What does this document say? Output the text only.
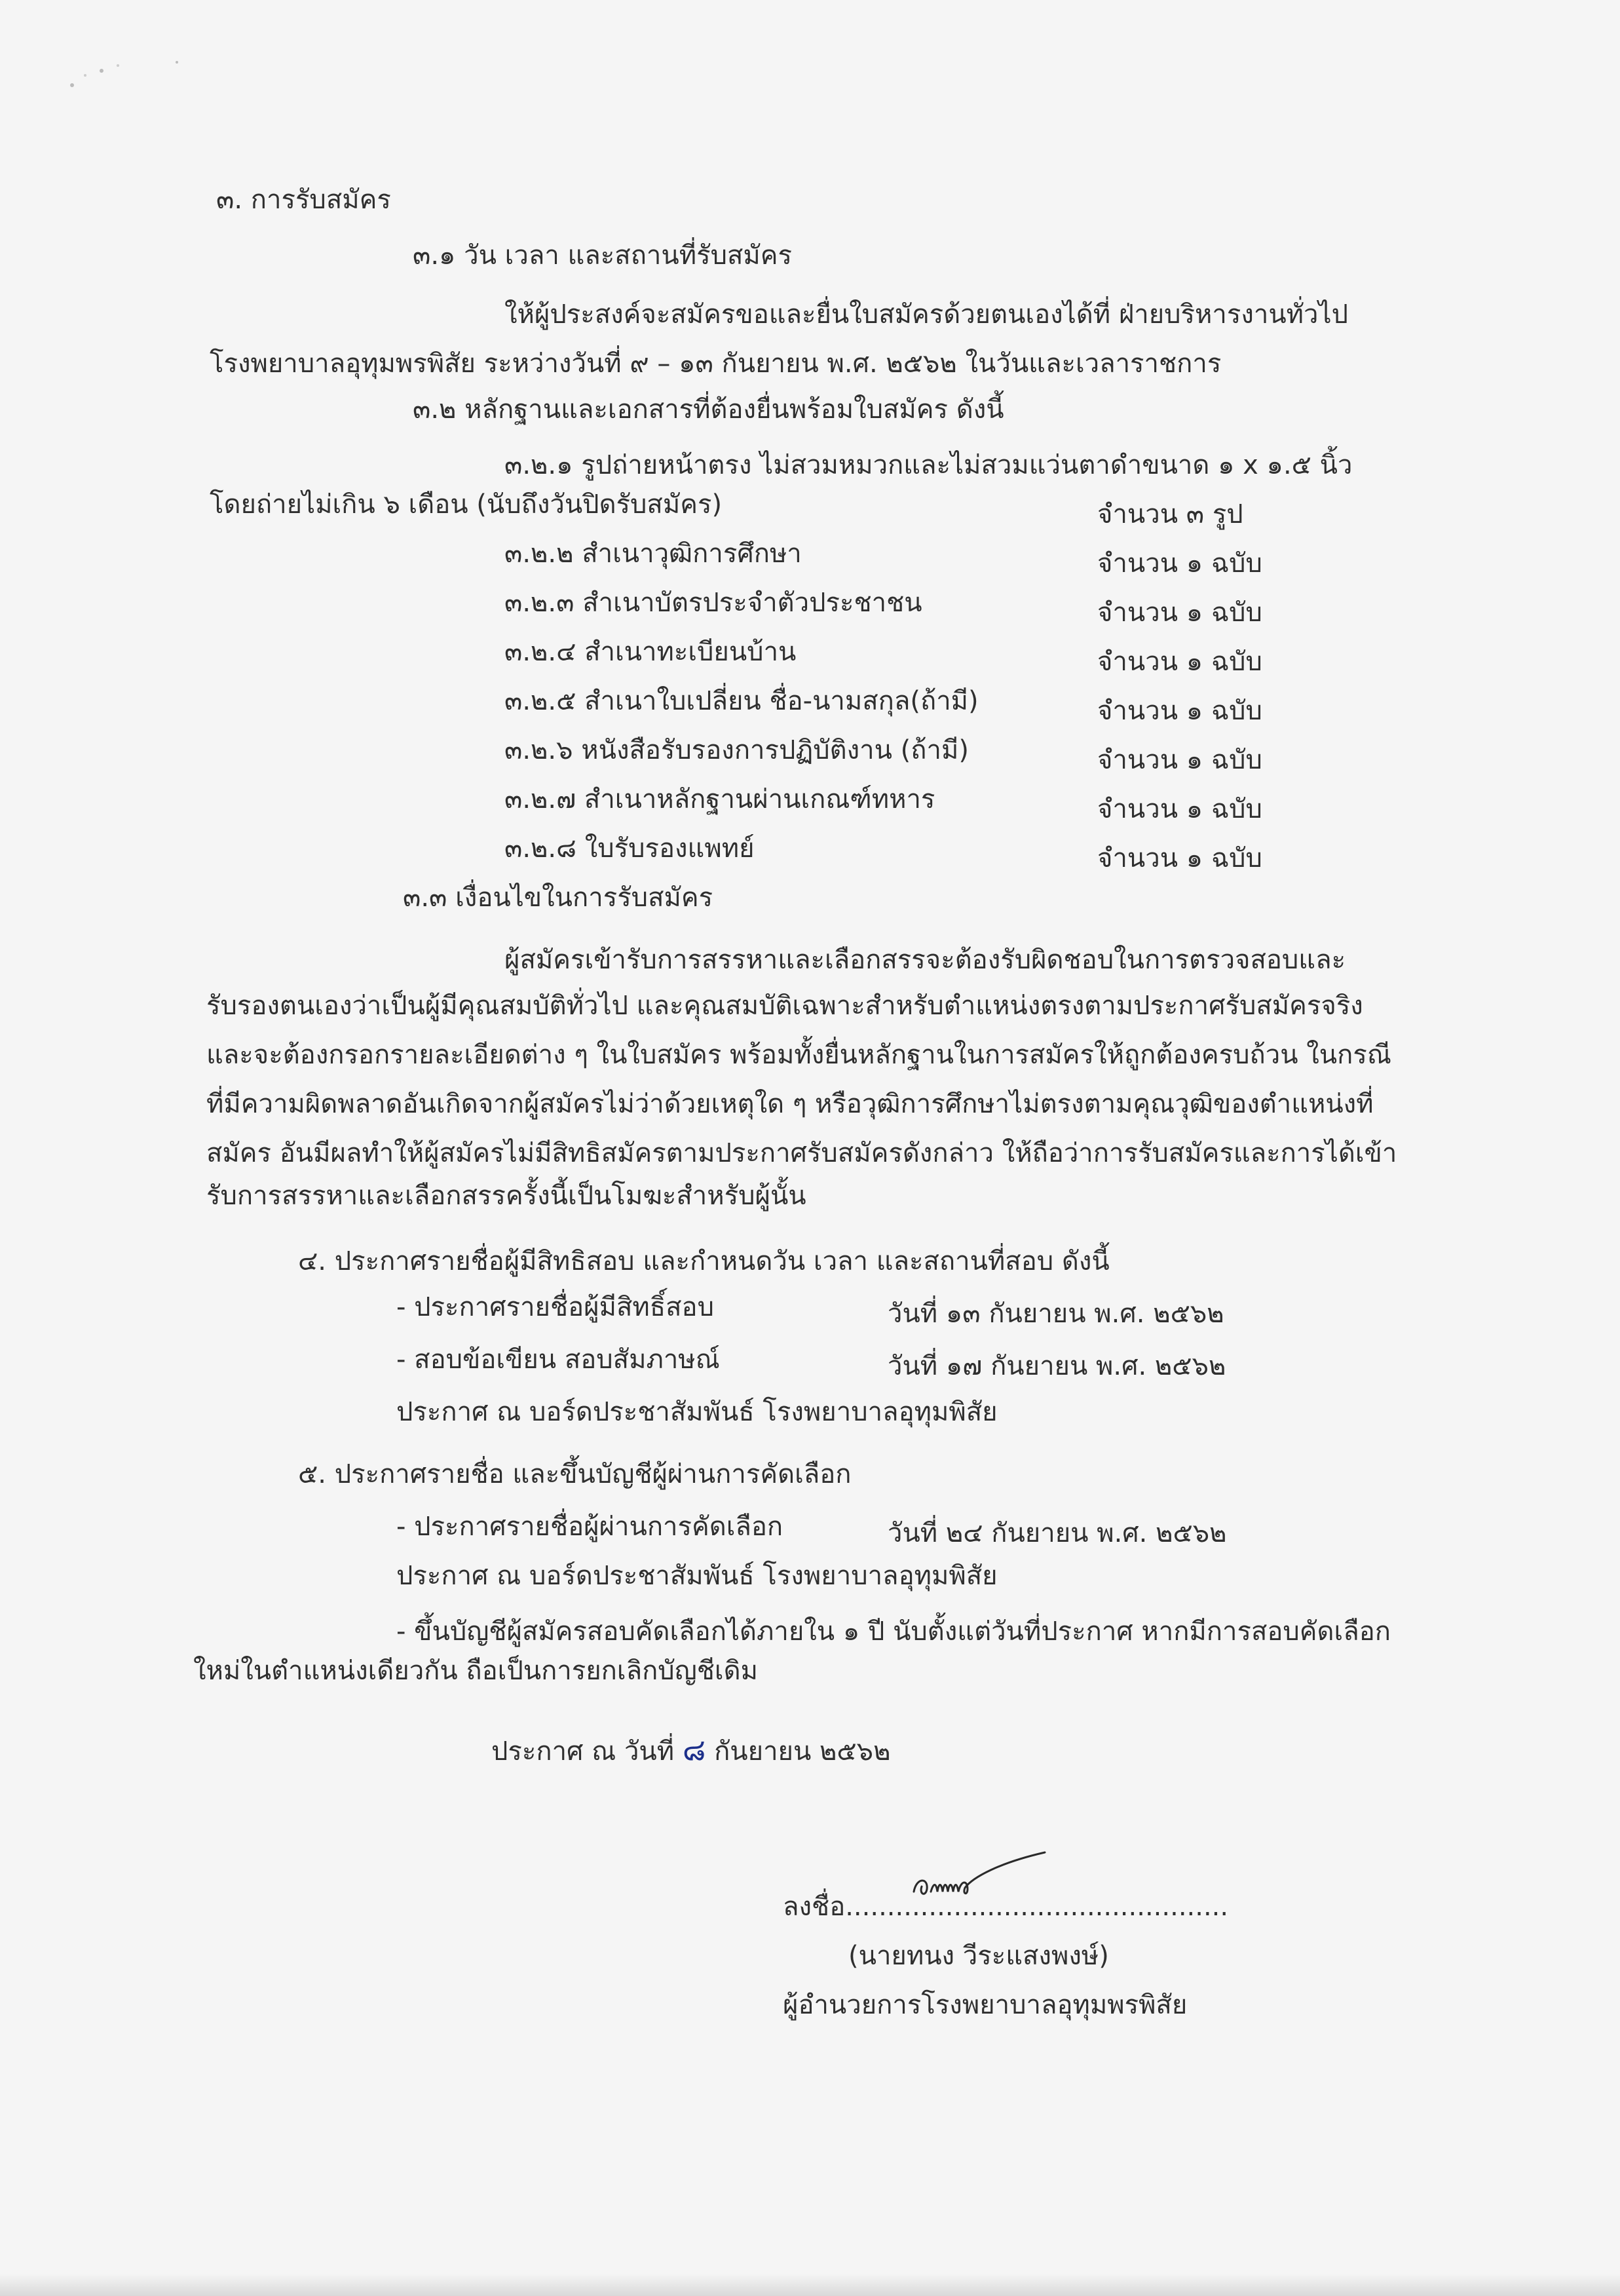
๓. การรับสมัคร
๓.๑ วัน เวลา และสถานที่รับสมัคร
ให้ผู้ประสงค์จะสมัครขอและยื่นใบสมัครด้วยตนเองได้ที่ ฝ่ายบริหารงานทั่วไป
โรงพยาบาลอุทุมพรพิสัย ระหว่างวันที่ ๙ – ๑๓ กันยายน พ.ศ. ๒๕๖๒ ในวันและเวลาราชการ
๓.๒ หลักฐานและเอกสารที่ต้องยื่นพร้อมใบสมัคร ดังนี้
๓.๒.๑ รูปถ่ายหน้าตรง ไม่สวมหมวกและไม่สวมแว่นตาดำขนาด ๑ x ๑.๕ นิ้ว
โดยถ่ายไม่เกิน ๖ เดือน (นับถึงวันปิดรับสมัคร)	จำนวน ๓ รูป
๓.๒.๒ สำเนาวุฒิการศึกษา	จำนวน ๑ ฉบับ
๓.๒.๓ สำเนาบัตรประจำตัวประชาชน	จำนวน ๑ ฉบับ
๓.๒.๔ สำเนาทะเบียนบ้าน	จำนวน ๑ ฉบับ
๓.๒.๕ สำเนาใบเปลี่ยน ชื่อ-นามสกุล(ถ้ามี)	จำนวน ๑ ฉบับ
๓.๒.๖ หนังสือรับรองการปฏิบัติงาน (ถ้ามี)	จำนวน ๑ ฉบับ
๓.๒.๗ สำเนาหลักฐานผ่านเกณฑ์ทหาร	จำนวน ๑ ฉบับ
๓.๒.๘ ใบรับรองแพทย์	จำนวน ๑ ฉบับ
๓.๓ เงื่อนไขในการรับสมัคร
ผู้สมัครเข้ารับการสรรหาและเลือกสรรจะต้องรับผิดชอบในการตรวจสอบและ
รับรองตนเองว่าเป็นผู้มีคุณสมบัติทั่วไป และคุณสมบัติเฉพาะสำหรับตำแหน่งตรงตามประกาศรับสมัครจริง
และจะต้องกรอกรายละเอียดต่าง ๆ ในใบสมัคร พร้อมทั้งยื่นหลักฐานในการสมัครให้ถูกต้องครบถ้วน ในกรณี
ที่มีความผิดพลาดอันเกิดจากผู้สมัครไม่ว่าด้วยเหตุใด ๆ หรือวุฒิการศึกษาไม่ตรงตามคุณวุฒิของตำแหน่งที่
สมัคร อันมีผลทำให้ผู้สมัครไม่มีสิทธิสมัครตามประกาศรับสมัครดังกล่าว ให้ถือว่าการรับสมัครและการได้เข้า
รับการสรรหาและเลือกสรรครั้งนี้เป็นโมฆะสำหรับผู้นั้น
๔. ประกาศรายชื่อผู้มีสิทธิสอบ และกำหนดวัน เวลา และสถานที่สอบ ดังนี้
- ประกาศรายชื่อผู้มีสิทธิ์สอบ	วันที่ ๑๓ กันยายน พ.ศ. ๒๕๖๒
- สอบข้อเขียน สอบสัมภาษณ์	วันที่ ๑๗ กันยายน พ.ศ. ๒๕๖๒
ประกาศ ณ บอร์ดประชาสัมพันธ์ โรงพยาบาลอุทุมพิสัย
๕. ประกาศรายชื่อ และขึ้นบัญชีผู้ผ่านการคัดเลือก
- ประกาศรายชื่อผู้ผ่านการคัดเลือก	วันที่ ๒๔ กันยายน พ.ศ. ๒๕๖๒
ประกาศ ณ บอร์ดประชาสัมพันธ์ โรงพยาบาลอุทุมพิสัย
- ขึ้นบัญชีผู้สมัครสอบคัดเลือกได้ภายใน ๑ ปี นับตั้งแต่วันที่ประกาศ หากมีการสอบคัดเลือก
ใหม่ในตำแหน่งเดียวกัน ถือเป็นการยกเลิกบัญชีเดิม
ประกาศ ณ วันที่ ๘ กันยายน ๒๕๖๒
ลงชื่อ..............................................
(นายทนง วีระแสงพงษ์)
ผู้อำนวยการโรงพยาบาลอุทุมพรพิสัย
